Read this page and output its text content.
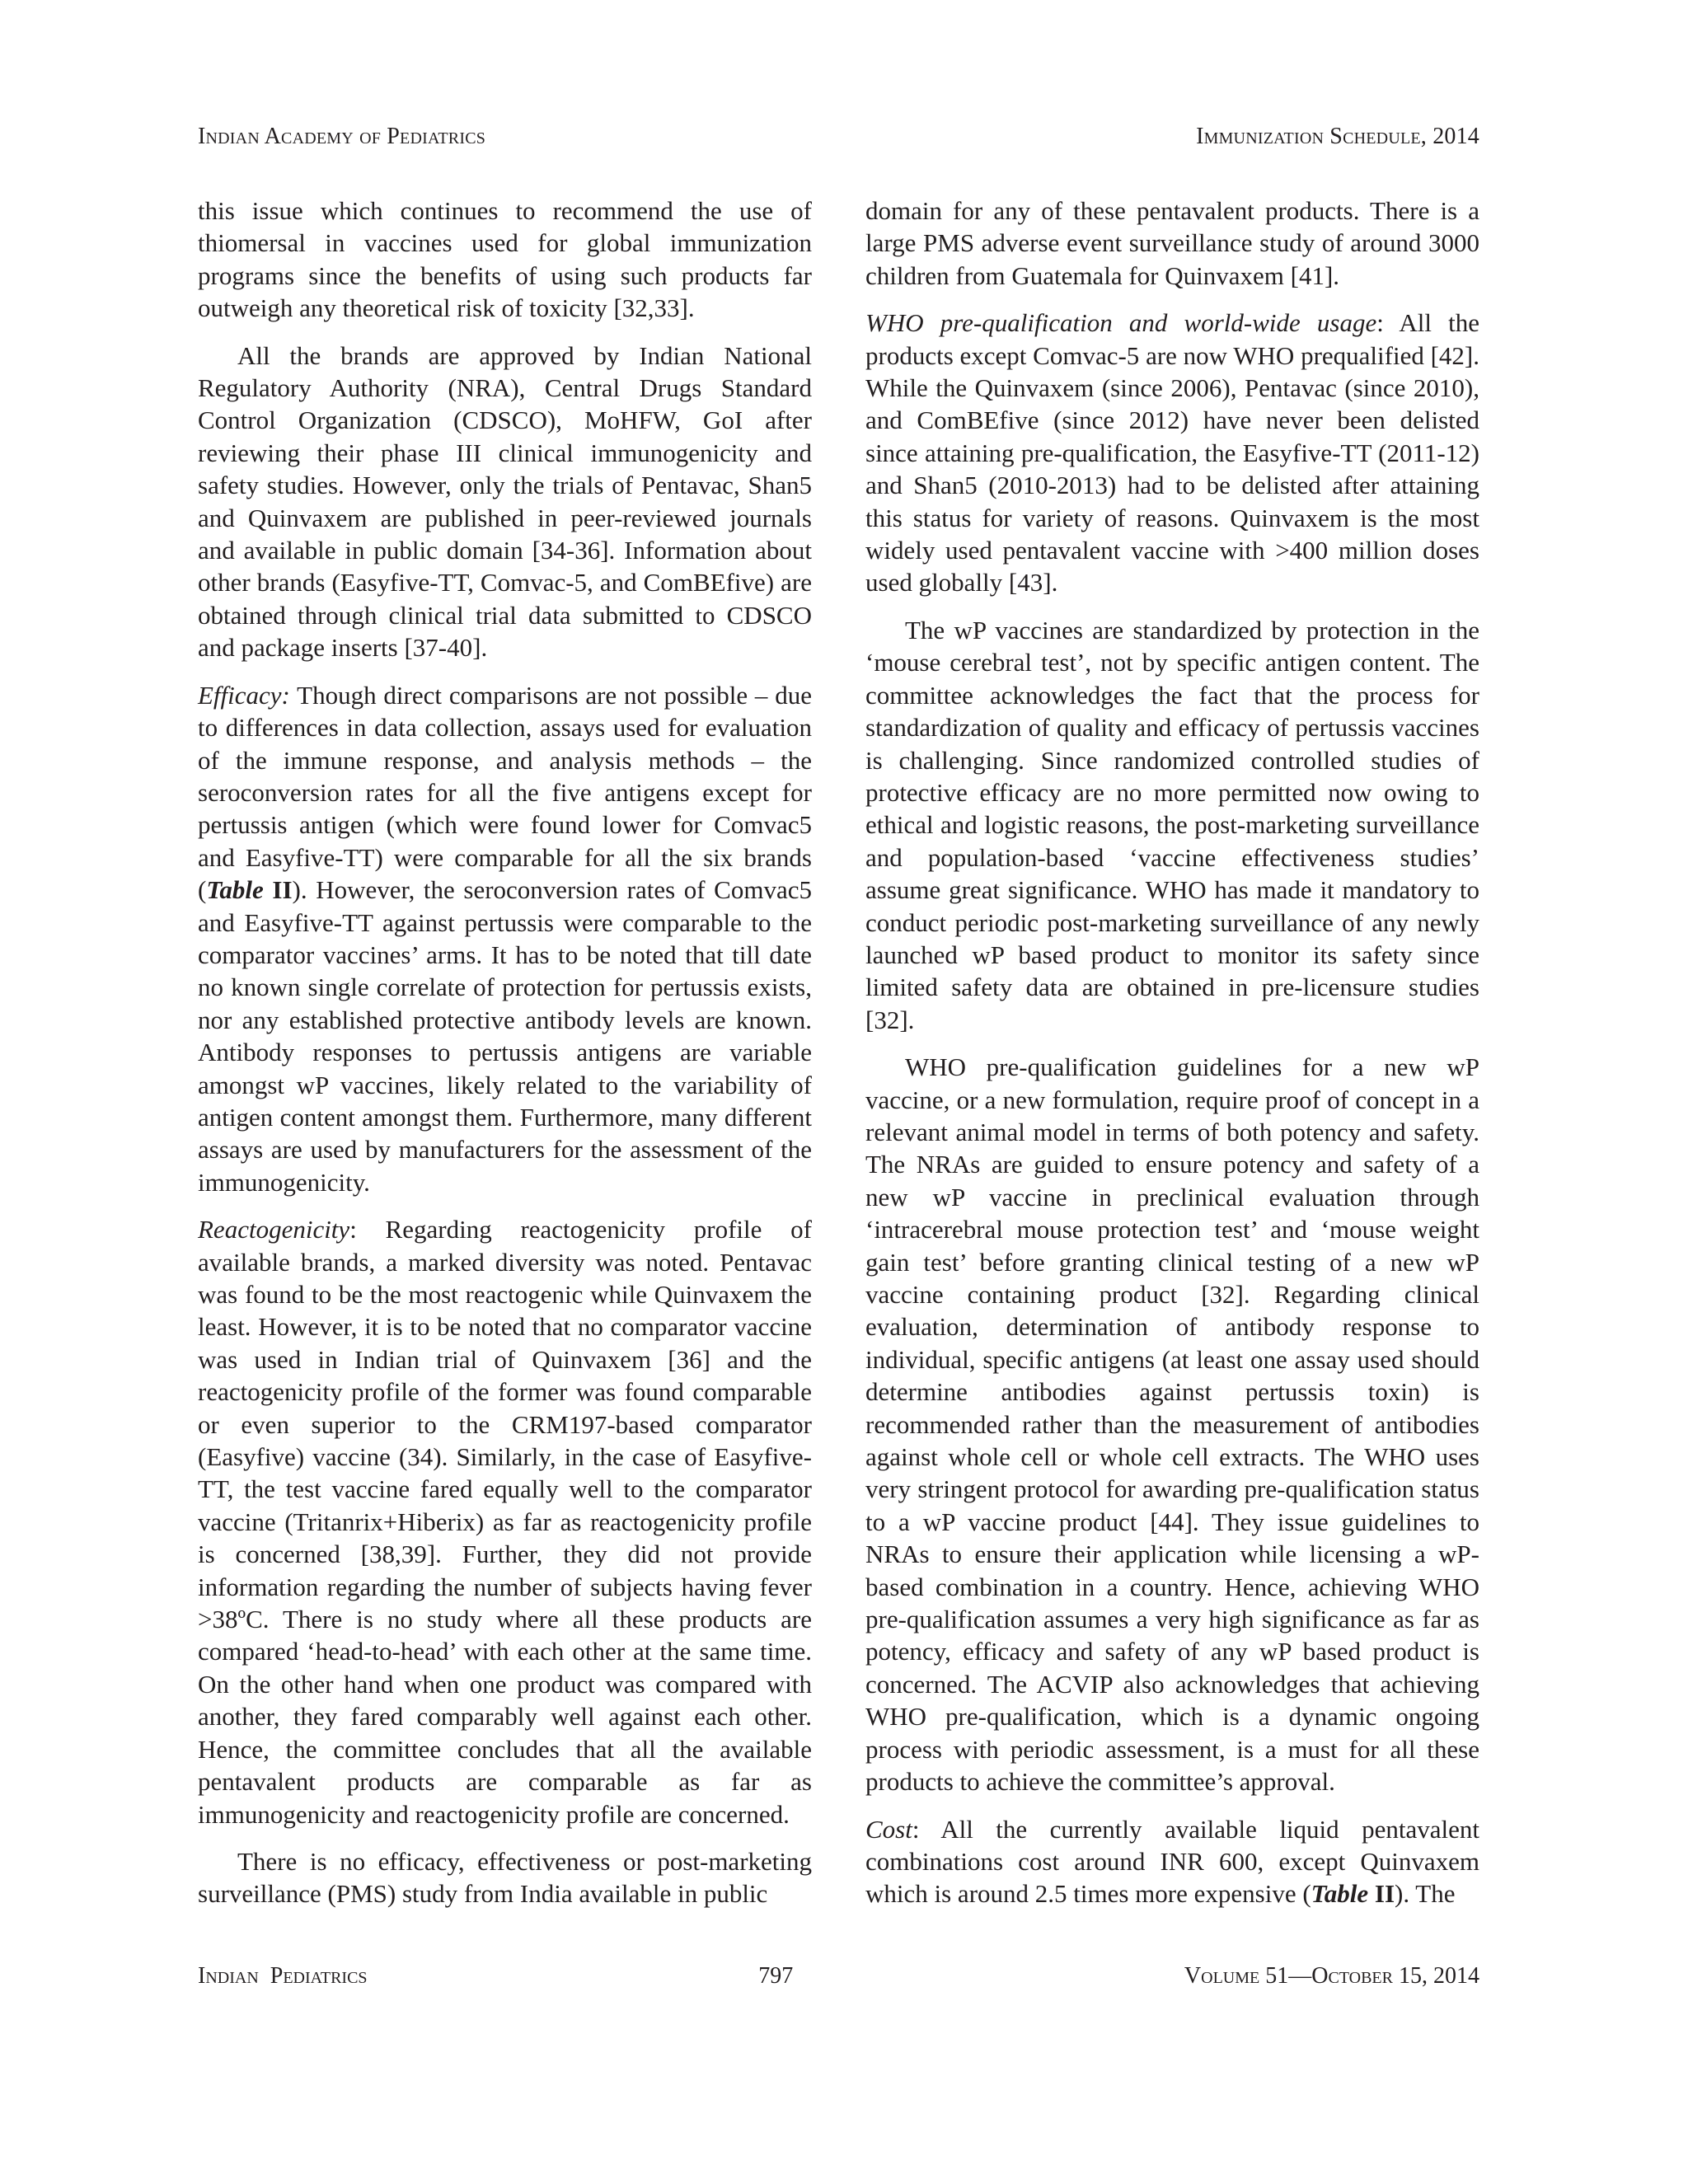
Indian Academy of Pediatrics	Immunization Schedule, 2014

this issue which continues to recommend the use of thiomersal in vaccines used for global immunization programs since the benefits of using such products far outweigh any theoretical risk of toxicity [32,33].

All the brands are approved by Indian National Regulatory Authority (NRA), Central Drugs Standard Control Organization (CDSCO), MoHFW, GoI after reviewing their phase III clinical immunogenicity and safety studies. However, only the trials of Pentavac, Shan5 and Quinvaxem are published in peer-reviewed journals and available in public domain [34-36]. Information about other brands (Easyfive-TT, Comvac-5, and ComBEfive) are obtained through clinical trial data submitted to CDSCO and package inserts [37-40].

Efficacy: Though direct comparisons are not possible – due to differences in data collection, assays used for evaluation of the immune response, and analysis methods – the seroconversion rates for all the five antigens except for pertussis antigen (which were found lower for Comvac5 and Easyfive-TT) were comparable for all the six brands (Table II). However, the seroconversion rates of Comvac5 and Easyfive-TT against pertussis were comparable to the comparator vaccines’ arms. It has to be noted that till date no known single correlate of protection for pertussis exists, nor any established protective antibody levels are known. Antibody responses to pertussis antigens are variable amongst wP vaccines, likely related to the variability of antigen content amongst them. Furthermore, many different assays are used by manufacturers for the assessment of the immunogenicity.

Reactogenicity: Regarding reactogenicity profile of available brands, a marked diversity was noted. Pentavac was found to be the most reactogenic while Quinvaxem the least. However, it is to be noted that no comparator vaccine was used in Indian trial of Quinvaxem [36] and the reactogenicity profile of the former was found comparable or even superior to the CRM197-based comparator (Easyfive) vaccine (34). Similarly, in the case of Easyfive-TT, the test vaccine fared equally well to the comparator vaccine (Tritanrix+Hiberix) as far as reactogenicity profile is concerned [38,39]. Further, they did not provide information regarding the number of subjects having fever >38ºC. There is no study where all these products are compared ‘head-to-head’ with each other at the same time. On the other hand when one product was compared with another, they fared comparably well against each other. Hence, the committee concludes that all the available pentavalent products are comparable as far as immunogenicity and reactogenicity profile are concerned.

There is no efficacy, effectiveness or post-marketing surveillance (PMS) study from India available in public

domain for any of these pentavalent products. There is a large PMS adverse event surveillance study of around 3000 children from Guatemala for Quinvaxem [41].

WHO pre-qualification and world-wide usage: All the products except Comvac-5 are now WHO prequalified [42]. While the Quinvaxem (since 2006), Pentavac (since 2010), and ComBEfive (since 2012) have never been delisted since attaining pre-qualification, the Easyfive-TT (2011-12) and Shan5 (2010-2013) had to be delisted after attaining this status for variety of reasons. Quinvaxem is the most widely used pentavalent vaccine with >400 million doses used globally [43].

The wP vaccines are standardized by protection in the ‘mouse cerebral test’, not by specific antigen content. The committee acknowledges the fact that the process for standardization of quality and efficacy of pertussis vaccines is challenging. Since randomized controlled studies of protective efficacy are no more permitted now owing to ethical and logistic reasons, the post-marketing surveillance and population-based ‘vaccine effectiveness studies’ assume great significance. WHO has made it mandatory to conduct periodic post-marketing surveillance of any newly launched wP based product to monitor its safety since limited safety data are obtained in pre-licensure studies [32].

WHO pre-qualification guidelines for a new wP vaccine, or a new formulation, require proof of concept in a relevant animal model in terms of both potency and safety. The NRAs are guided to ensure potency and safety of a new wP vaccine in preclinical evaluation through ‘intracerebral mouse protection test’ and ‘mouse weight gain test’ before granting clinical testing of a new wP vaccine containing product [32]. Regarding clinical evaluation, determination of antibody response to individual, specific antigens (at least one assay used should determine antibodies against pertussis toxin) is recommended rather than the measurement of antibodies against whole cell or whole cell extracts. The WHO uses very stringent protocol for awarding pre-qualification status to a wP vaccine product [44]. They issue guidelines to NRAs to ensure their application while licensing a wP-based combination in a country. Hence, achieving WHO pre-qualification assumes a very high significance as far as potency, efficacy and safety of any wP based product is concerned. The ACVIP also acknowledges that achieving WHO pre-qualification, which is a dynamic ongoing process with periodic assessment, is a must for all these products to achieve the committee’s approval.

Cost: All the currently available liquid pentavalent combinations cost around INR 600, except Quinvaxem which is around 2.5 times more expensive (Table II). The

Indian  Pediatrics	797	Volume 51—October 15, 2014
